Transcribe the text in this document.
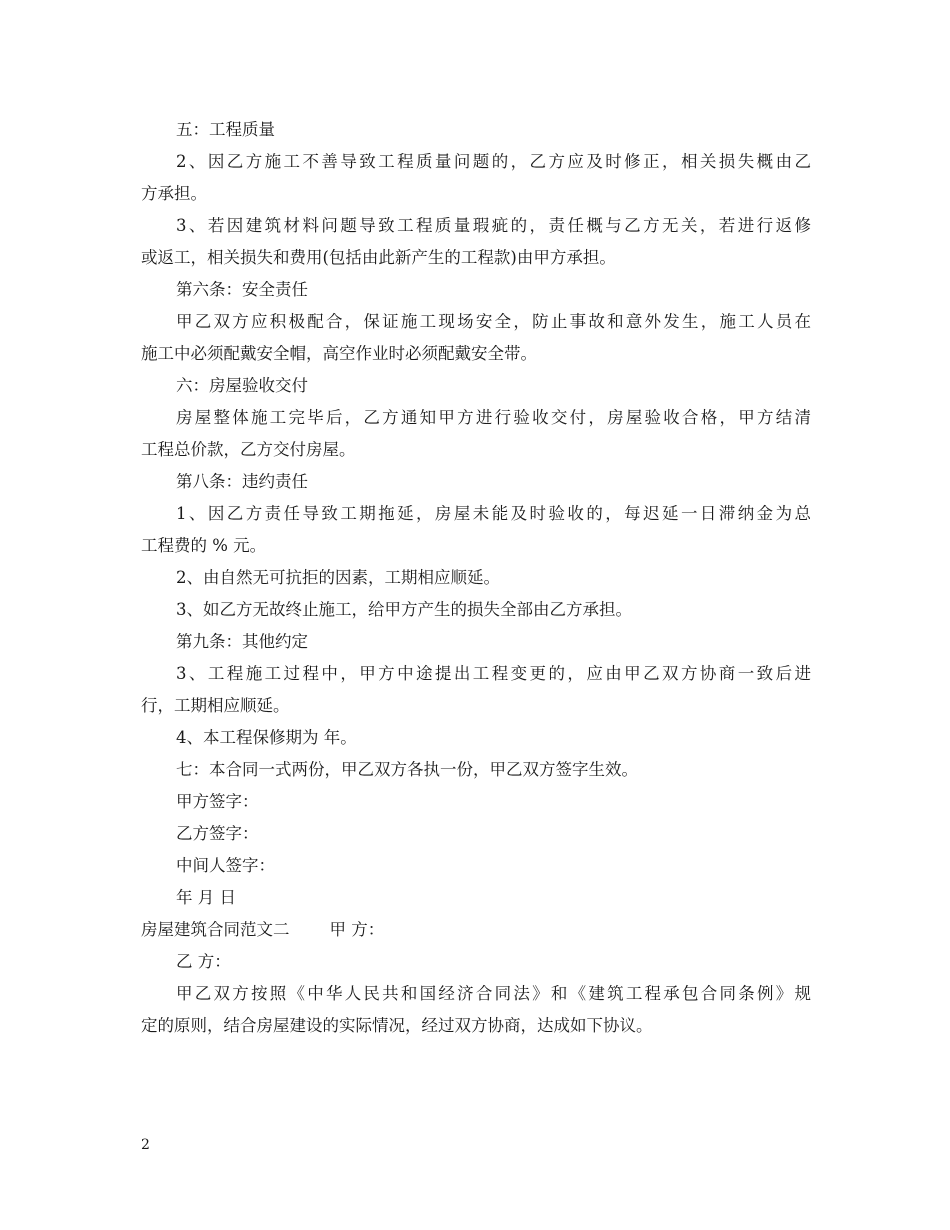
五：工程质量
2、因乙方施工不善导致工程质量问题的，乙方应及时修正，相关损失概由乙
方承担。
3、若因建筑材料问题导致工程质量瑕疵的，责任概与乙方无关，若进行返修
或返工，相关损失和费用(包括由此新产生的工程款)由甲方承担。
第六条：安全责任
甲乙双方应积极配合，保证施工现场安全，防止事故和意外发生，施工人员在
施工中必须配戴安全帽，高空作业时必须配戴安全带。
六：房屋验收交付
房屋整体施工完毕后，乙方通知甲方进行验收交付，房屋验收合格，甲方结清
工程总价款，乙方交付房屋。
第八条：违约责任
1、因乙方责任导致工期拖延，房屋未能及时验收的，每迟延一日滞纳金为总
工程费的 % 元。
2、由自然无可抗拒的因素，工期相应顺延。
3、如乙方无故终止施工，给甲方产生的损失全部由乙方承担。
第九条：其他约定
3、工程施工过程中，甲方中途提出工程变更的，应由甲乙双方协商一致后进
行，工期相应顺延。
4、本工程保修期为 年。
七：本合同一式两份，甲乙双方各执一份，甲乙双方签字生效。
甲方签字：
乙方签字：
中间人签字：
年 月 日
房屋建筑合同范文二 甲 方：
乙 方：
甲乙双方按照《中华人民共和国经济合同法》和《建筑工程承包合同条例》规
定的原则，结合房屋建设的实际情况，经过双方协商，达成如下协议。
2
